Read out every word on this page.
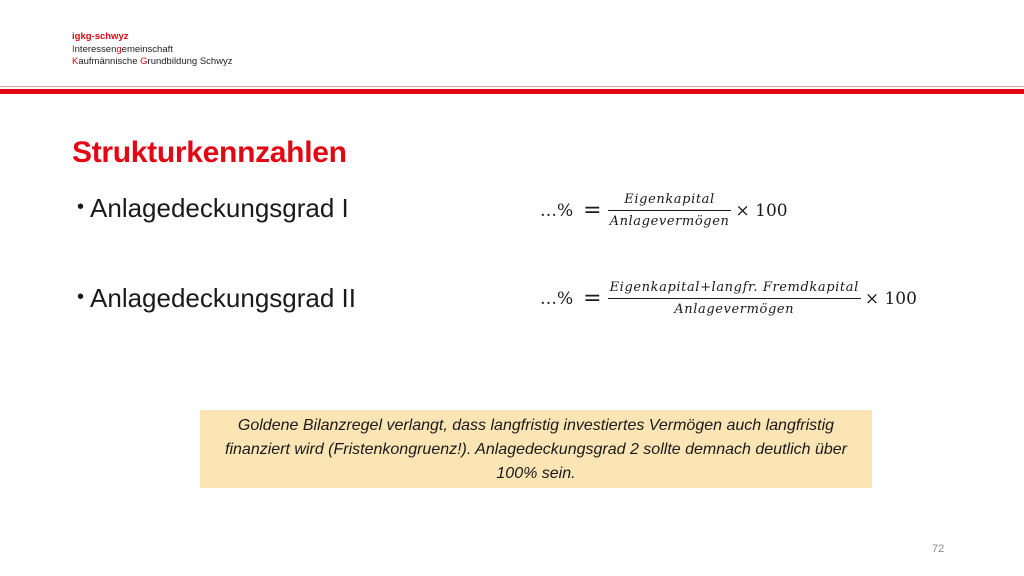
igkg-schwyz
Interessengemeinschaft
Kaufmännische Grundbildung Schwyz
Strukturkennzahlen
• Anlagedeckungsgrad I	…% = $\frac{\text{Eigenkapital}}{\text{Anlagevermögen}} \times 100$
• Anlagedeckungsgrad II	…% = $\frac{\text{Eigenkapital+langfr. Fremdkapital}}{\text{Anlagevermögen}} \times 100$
Goldene Bilanzregel verlangt, dass langfristig investiertes Vermögen auch langfristig finanziert wird (Fristenkongruenz!). Anlagedeckungsgrad 2 sollte demnach deutlich über 100% sein.
72
